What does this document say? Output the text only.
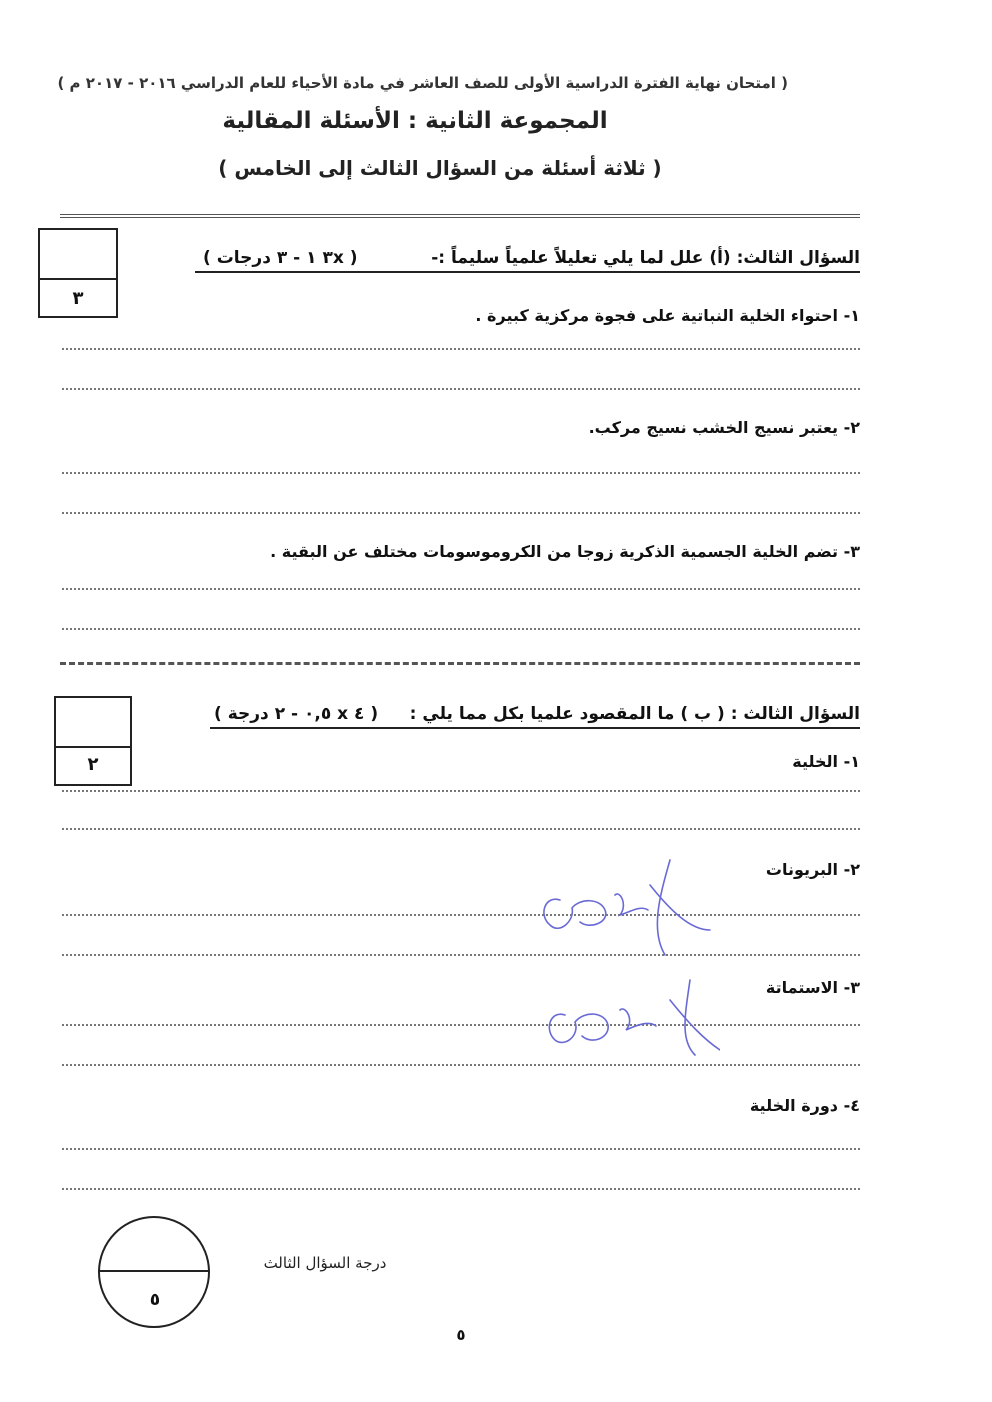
( امتحان نهاية الفترة الدراسية الأولى للصف العاشر في مادة الأحياء للعام الدراسي ٢٠١٦ - ٢٠١٧ م )
المجموعة الثانية : الأسئلة المقالية
( ثلاثة أسئلة من السؤال الثالث إلى الخامس )
٣
السؤال الثالث: (أ) علل لما يلي تعليلاً علمياً سليماً :-
( ٣x ١ - ٣ درجات )
١- احتواء الخلية النباتية على فجوة مركزية كبيرة .
٢- يعتبر نسيج الخشب نسيج مركب.
٣- تضم الخلية الجسمية الذكرية زوجا من الكروموسومات مختلف عن البقية .
٢
السؤال الثالث : ( ب ) ما المقصود علميا بكل مما يلي :
( ٤ x ٠,٥ - ٢ درجة )
١- الخلية
٢- البريونات
٣- الاستماتة
٤- دورة الخلية
٥
درجة السؤال الثالث
٥
